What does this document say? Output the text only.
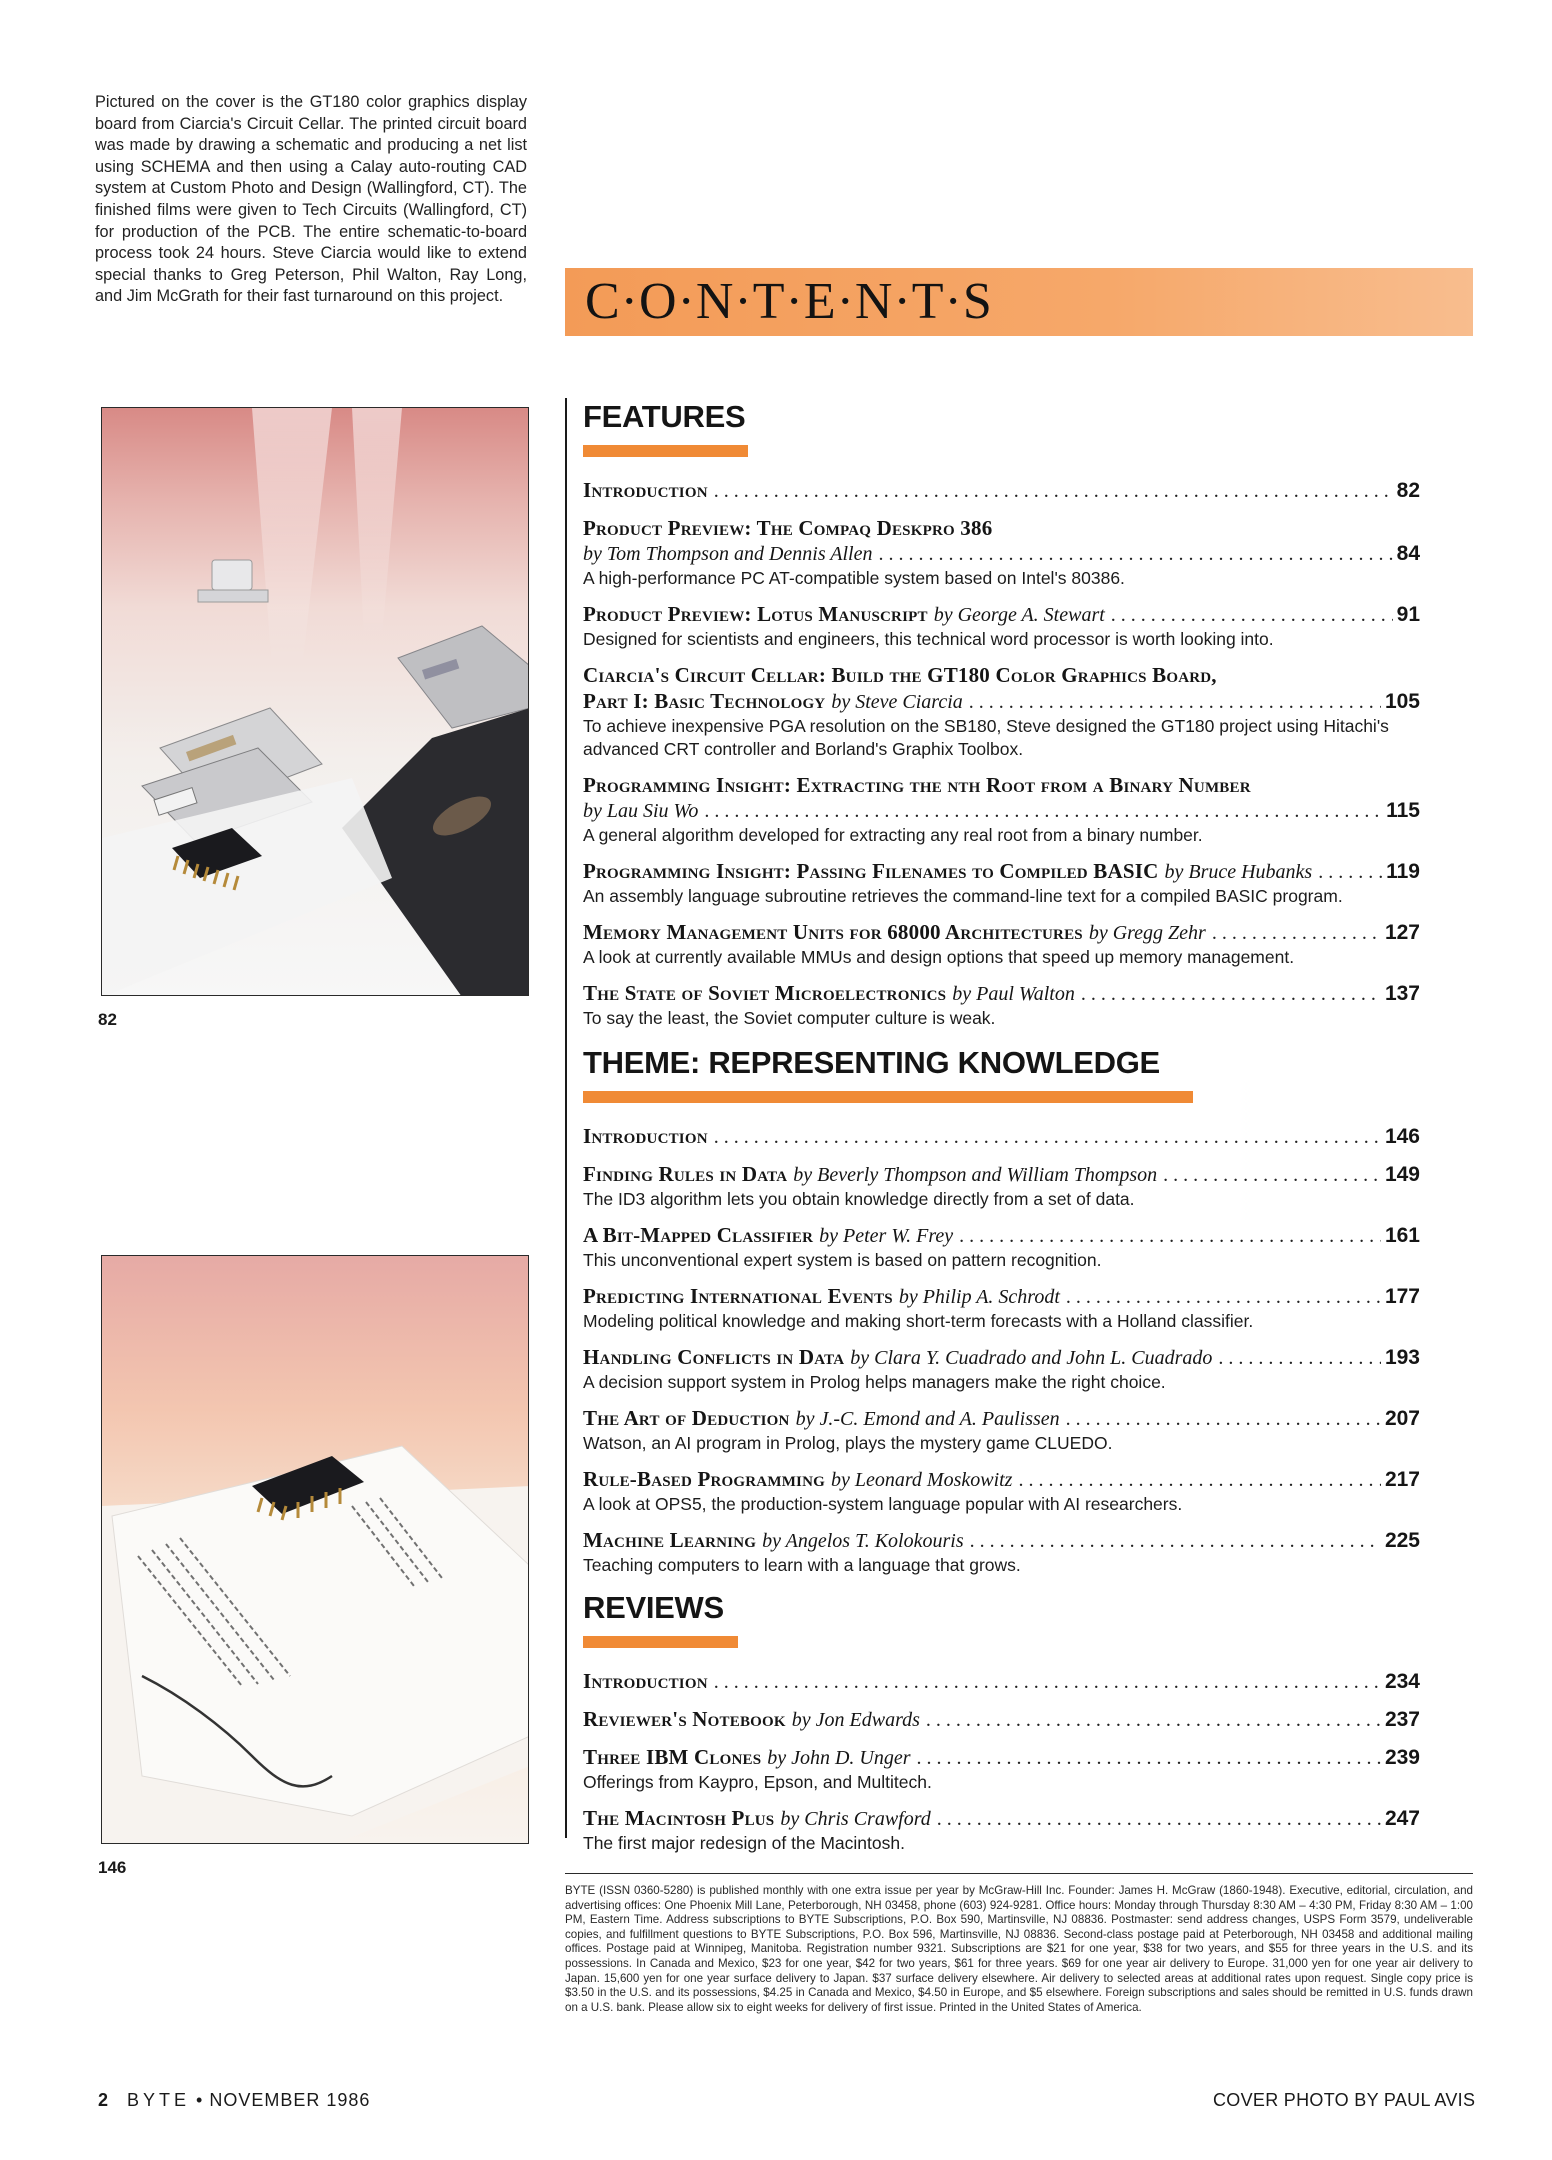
Pictured on the cover is the GT180 color graphics display board from Ciarcia's Circuit Cellar. The printed circuit board was made by drawing a schematic and producing a net list using SCHEMA and then using a Calay auto-routing CAD system at Custom Photo and Design (Wallingford, CT). The finished films were given to Tech Circuits (Wallingford, CT) for production of the PCB. The entire schematic-to-board process took 24 hours. Steve Ciarcia would like to extend special thanks to Greg Peterson, Phil Walton, Ray Long, and Jim McGrath for their fast turnaround on this project.	C·O·N·T·E·N·T·S
82
146
FEATURES
Introduction . . .	82
Product Preview: The Compaq Deskpro 386
by Tom Thompson and Dennis Allen . . .	84
A high-performance PC AT-compatible system based on Intel's 80386.
Product Preview: Lotus Manuscript by George A. Stewart . . .	91
Designed for scientists and engineers, this technical word processor is worth looking into.
Ciarcia's Circuit Cellar: Build the GT180 Color Graphics Board,
Part I: Basic Technology by Steve Ciarcia . . .	105
To achieve inexpensive PGA resolution on the SB180, Steve designed the GT180 project using Hitachi's advanced CRT controller and Borland's Graphix Toolbox.
Programming Insight: Extracting the nth Root from a Binary Number
by Lau Siu Wo . . .	115
A general algorithm developed for extracting any real root from a binary number.
Programming Insight: Passing Filenames to Compiled BASIC by Bruce Hubanks . . .	119
An assembly language subroutine retrieves the command-line text for a compiled BASIC program.
Memory Management Units for 68000 Architectures by Gregg Zehr . . .	127
A look at currently available MMUs and design options that speed up memory management.
The State of Soviet Microelectronics by Paul Walton . . .	137
To say the least, the Soviet computer culture is weak.
THEME: REPRESENTING KNOWLEDGE
Introduction . . .	146
Finding Rules in Data by Beverly Thompson and William Thompson . . .	149
The ID3 algorithm lets you obtain knowledge directly from a set of data.
A Bit-Mapped Classifier by Peter W. Frey . . .	161
This unconventional expert system is based on pattern recognition.
Predicting International Events by Philip A. Schrodt . . .	177
Modeling political knowledge and making short-term forecasts with a Holland classifier.
Handling Conflicts in Data by Clara Y. Cuadrado and John L. Cuadrado . . .	193
A decision support system in Prolog helps managers make the right choice.
The Art of Deduction by J.-C. Emond and A. Paulissen . . .	207
Watson, an AI program in Prolog, plays the mystery game CLUEDO.
Rule-Based Programming by Leonard Moskowitz . . .	217
A look at OPS5, the production-system language popular with AI researchers.
Machine Learning by Angelos T. Kolokouris . . .	225
Teaching computers to learn with a language that grows.
REVIEWS
Introduction . . .	234
Reviewer's Notebook by Jon Edwards . . .	237
Three IBM Clones by John D. Unger . . .	239
Offerings from Kaypro, Epson, and Multitech.
The Macintosh Plus by Chris Crawford . . .	247
The first major redesign of the Macintosh.
BYTE (ISSN 0360-5280) is published monthly with one extra issue per year by McGraw-Hill Inc. Founder: James H. McGraw (1860-1948). Executive, editorial, circulation, and advertising offices: One Phoenix Mill Lane, Peterborough, NH 03458, phone (603) 924-9281. Office hours: Monday through Thursday 8:30 AM – 4:30 PM, Friday 8:30 AM – 1:00 PM, Eastern Time. Address subscriptions to BYTE Subscriptions, P.O. Box 590, Martinsville, NJ 08836. Postmaster: send address changes, USPS Form 3579, undeliverable copies, and fulfillment questions to BYTE Subscriptions, P.O. Box 596, Martinsville, NJ 08836. Second-class postage paid at Peterborough, NH 03458 and additional mailing offices. Postage paid at Winnipeg, Manitoba. Registration number 9321. Subscriptions are $21 for one year, $38 for two years, and $55 for three years in the U.S. and its possessions. In Canada and Mexico, $23 for one year, $42 for two years, $61 for three years. $69 for one year air delivery to Europe. 31,000 yen for one year air delivery to Japan. 15,600 yen for one year surface delivery to Japan. $37 surface delivery elsewhere. Air delivery to selected areas at additional rates upon request. Single copy price is $3.50 in the U.S. and its possessions, $4.25 in Canada and Mexico, $4.50 in Europe, and $5 elsewhere. Foreign subscriptions and sales should be remitted in U.S. funds drawn on a U.S. bank. Please allow six to eight weeks for delivery of first issue. Printed in the United States of America.
2 BYTE • NOVEMBER 1986	COVER PHOTO BY PAUL AVIS
